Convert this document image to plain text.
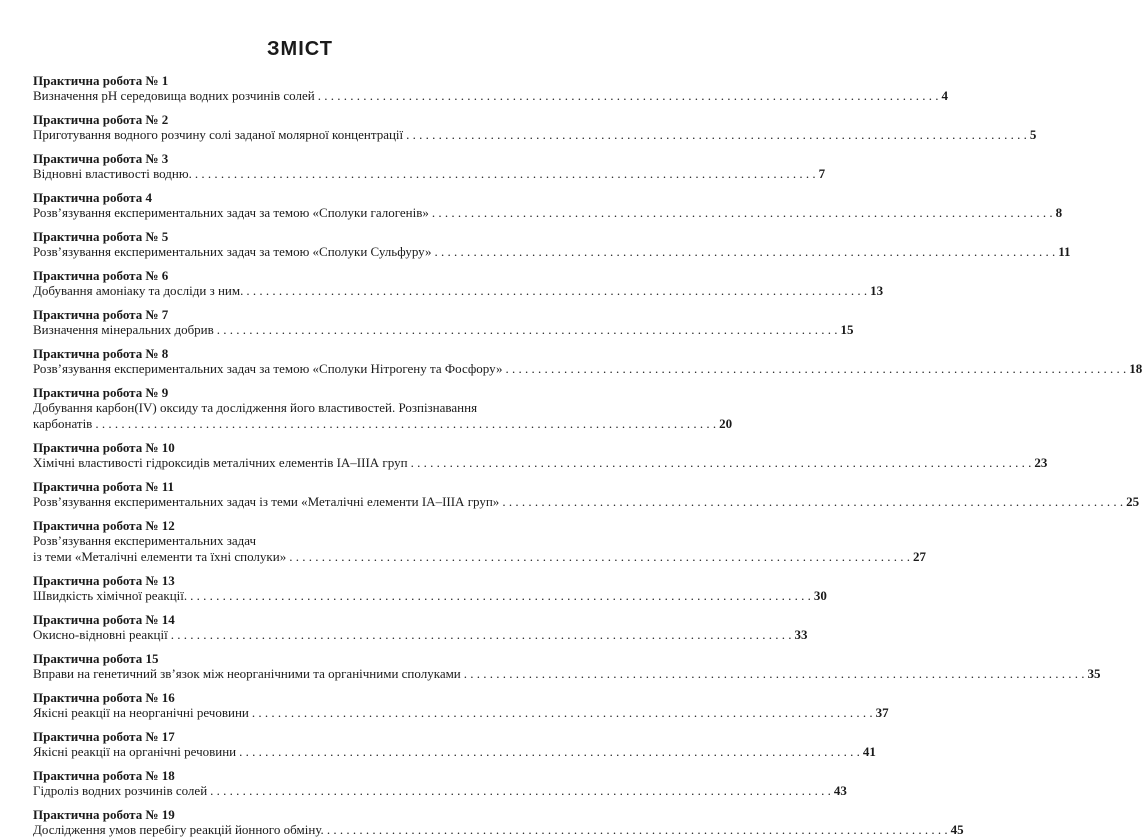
ЗМІСТ
Практична робота № 1
Визначення pH середовища водних розчинів солей . . .	4
Практична робота № 2
Приготування водного розчину солі заданої молярної концентрації . . .	5
Практична робота № 3
Відновні властивості водню. . . .	7
Практична робота 4
Розв’язування експериментальних задач за темою «Сполуки галогенів» . . .	8
Практична робота № 5
Розв’язування експериментальних задач за темою «Сполуки Сульфуру» . . .	11
Практична робота № 6
Добування амоніаку та досліди з ним. . . .	13
Практична робота № 7
Визначення мінеральних добрив . . .	15
Практична робота № 8
Розв’язування експериментальних задач за темою «Сполуки Нітрогену та Фосфору» . . .	18
Практична робота № 9
Добування карбон(IV) оксиду та дослідження його властивостей. Розпізнавання
карбонатів . . .	20
Практична робота № 10
Хімічні властивості гідроксидів металічних елементів ІА–ІІІА груп . . .	23
Практична робота № 11
Розв’язування експериментальних задач із теми «Металічні елементи ІА–ІІІА груп» . . .	25
Практична робота № 12
Розв’язування експериментальних задач
із теми «Металічні елементи та їхні сполуки» . . .	27
Практична робота № 13
Швидкість хімічної реакції. . . .	30
Практична робота № 14
Окисно-відновні реакції . . .	33
Практична робота 15
Вправи на генетичний зв’язок між неорганічними та органічними сполуками . . .	35
Практична робота № 16
Якісні реакції на неорганічні речовини . . .	37
Практична робота № 17
Якісні реакції на органічні речовини . . .	41
Практична робота № 18
Гідроліз водних розчинів солей . . .	43
Практична робота № 19
Дослідження умов перебігу реакцій йонного обміну. . . .	45
